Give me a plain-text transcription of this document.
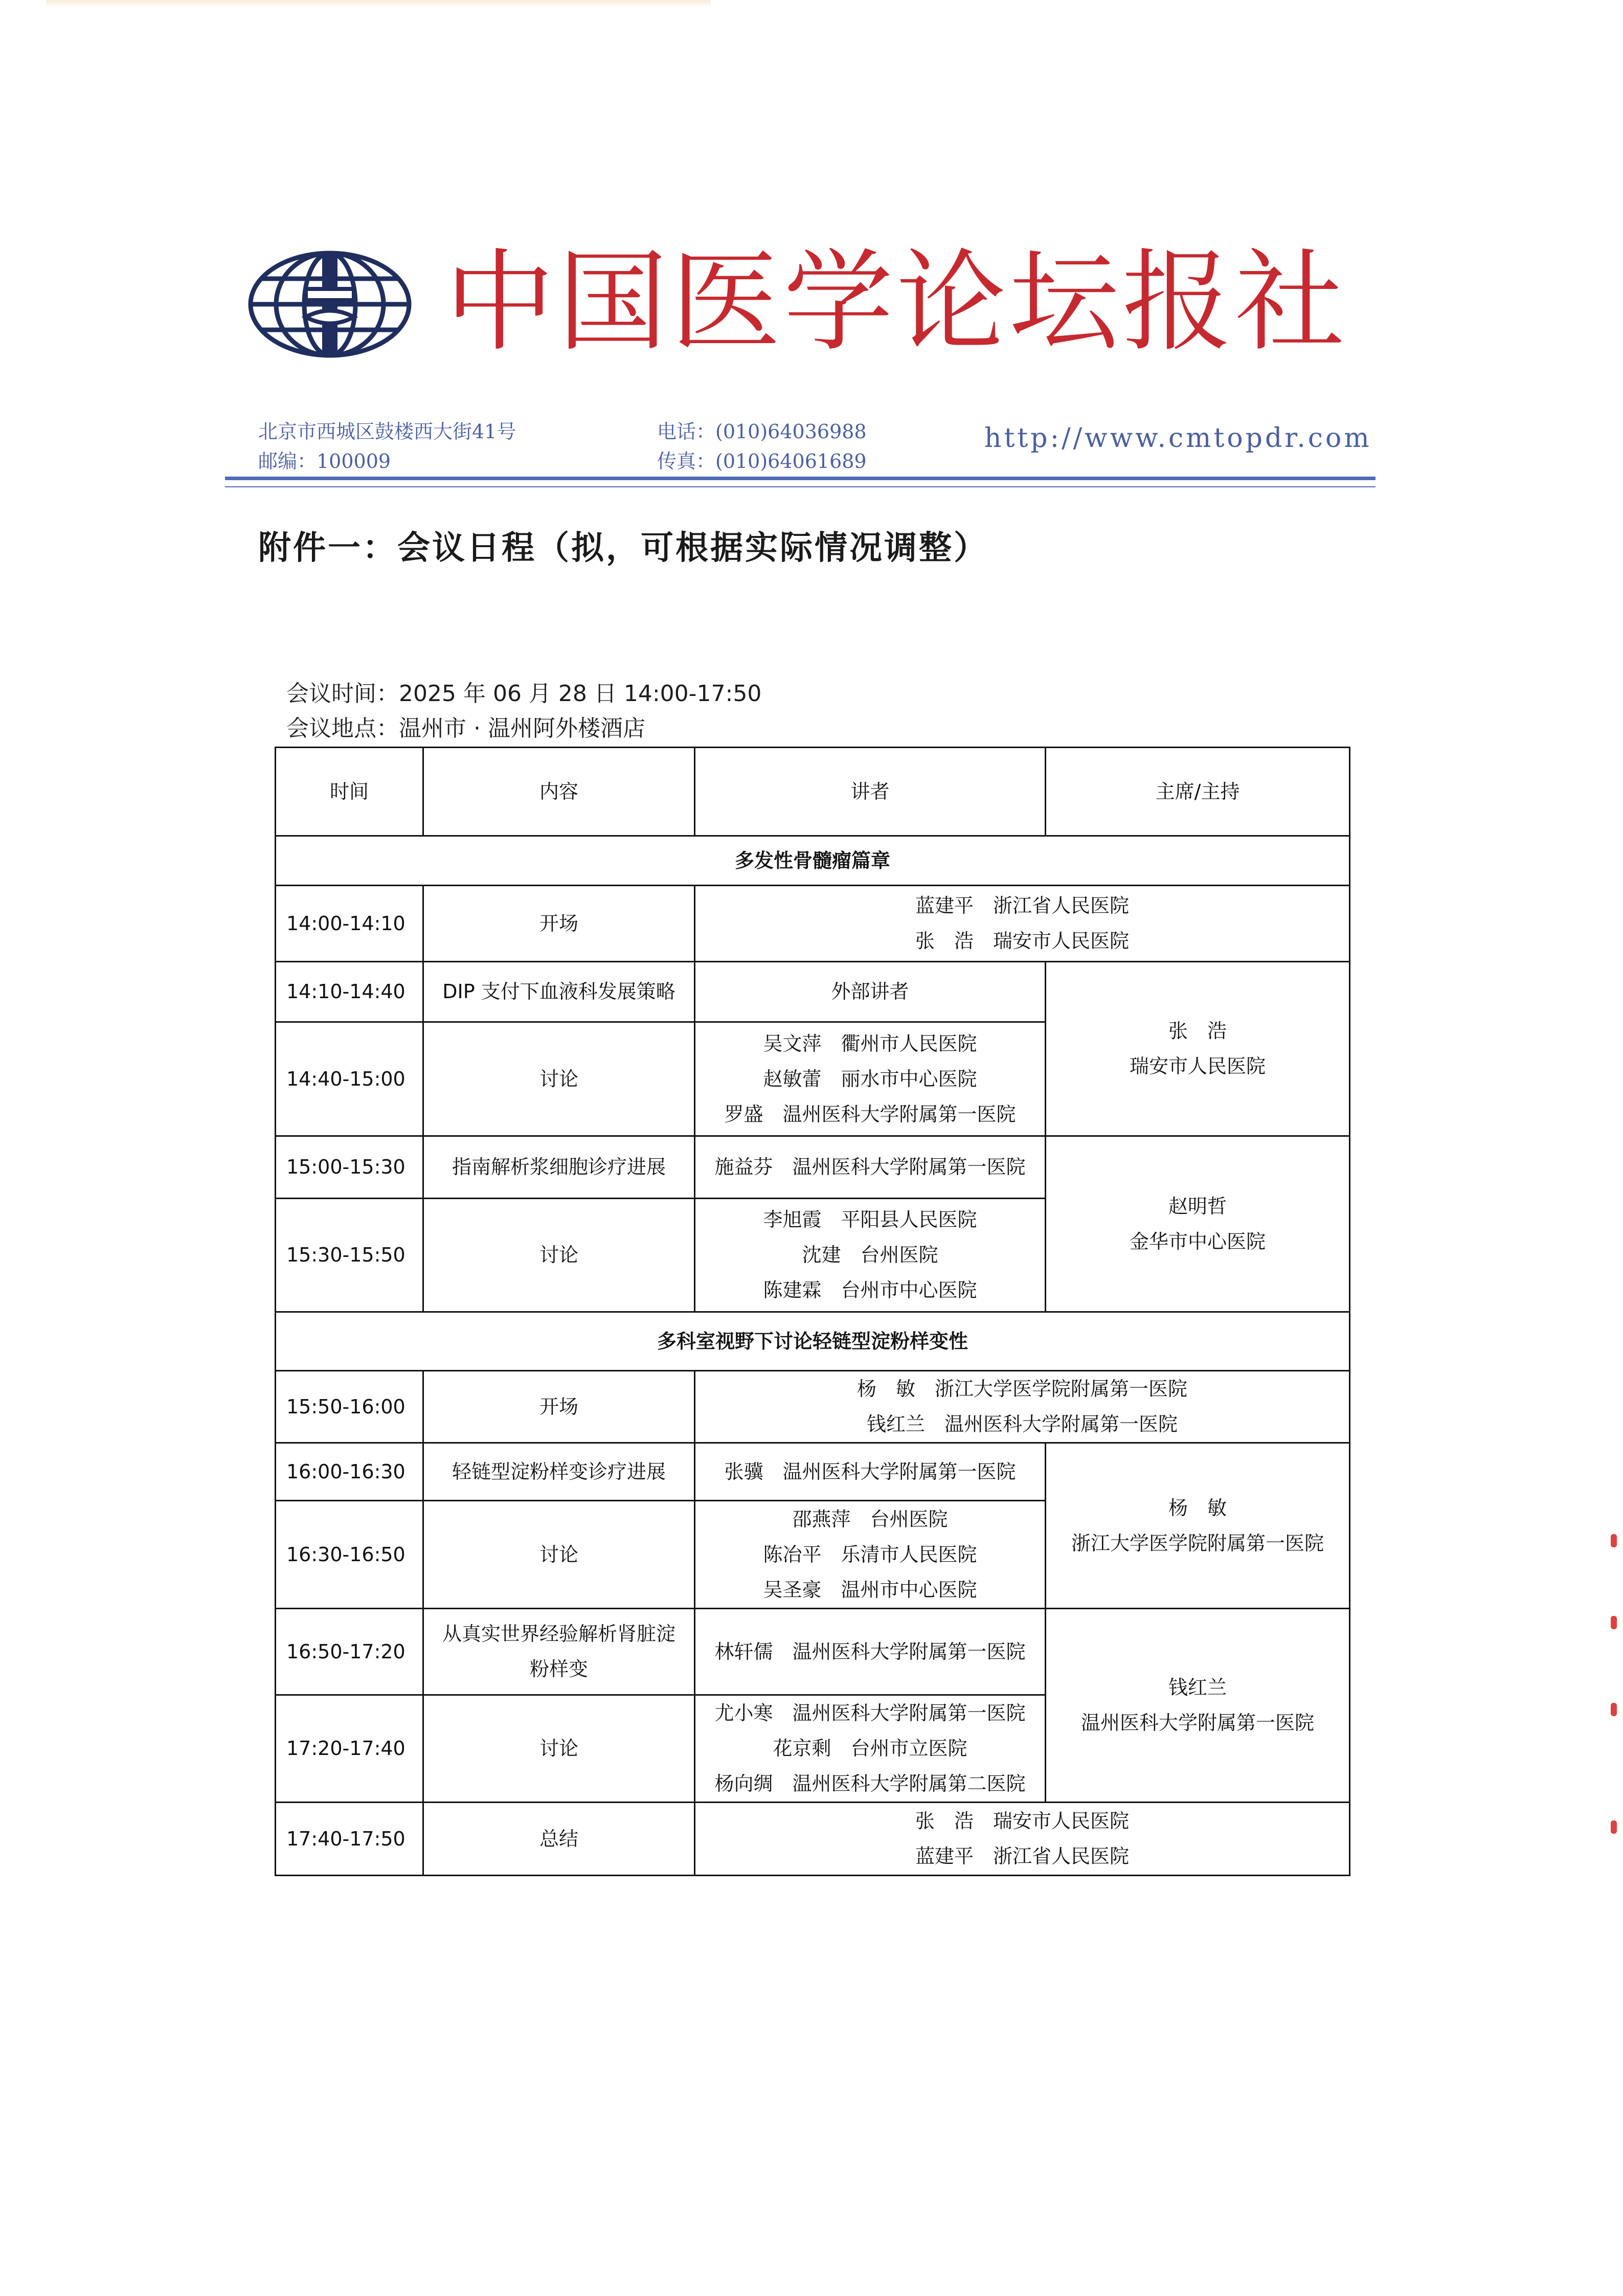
中 国 医 学 论 坛 报 社
北京市西城区鼓楼西大街41号
邮编：100009
电话：(010)64036988
传真：(010)64061689
http://www.cmtopdr.com
附件一：会议日程（拟，可根据实际情况调整）
会议时间：2025 年 06 月 28 日 14:00-17:50
会议地点：温州市 · 温州阿外楼酒店
时间	内容	讲者	主席/主持
多发性骨髓瘤篇章			
14:00-14:10	开场	蓝建平　浙江省人民医院
张　浩　瑞安市人民医院	

14:10-14:40	DIP 支付下血液科发展策略	外部讲者	张　浩
瑞安市人民医院

14:40-15:00	讨论	吴文萍　衢州市人民医院
赵敏蕾　丽水市中心医院
罗盛　温州医科大学附属第一医院	

15:00-15:30	指南解析浆细胞诊疗进展	施益芬　温州医科大学附属第一医院	赵明哲
金华市中心医院

15:30-15:50	讨论	李旭霞　平阳县人民医院
沈建　台州医院
陈建霖　台州市中心医院	

多科室视野下讨论轻链型淀粉样变性			
15:50-16:00	开场	杨　敏　浙江大学医学院附属第一医院
钱红兰　温州医科大学附属第一医院	

16:00-16:30	轻链型淀粉样变诊疗进展	张骥　温州医科大学附属第一医院	杨　敏
浙江大学医学院附属第一医院

16:30-16:50	讨论	邵燕萍　台州医院
陈冶平　乐清市人民医院
吴圣豪　温州市中心医院	

16:50-17:20	从真实世界经验解析肾脏淀
粉样变	林轩儒　温州医科大学附属第一医院	钱红兰
温州医科大学附属第一医院

17:20-17:40	讨论	尤小寒　温州医科大学附属第一医院
花京剩　台州市立医院
杨向绸　温州医科大学附属第二医院	

17:40-17:50	总结	张　浩　瑞安市人民医院
蓝建平　浙江省人民医院	
